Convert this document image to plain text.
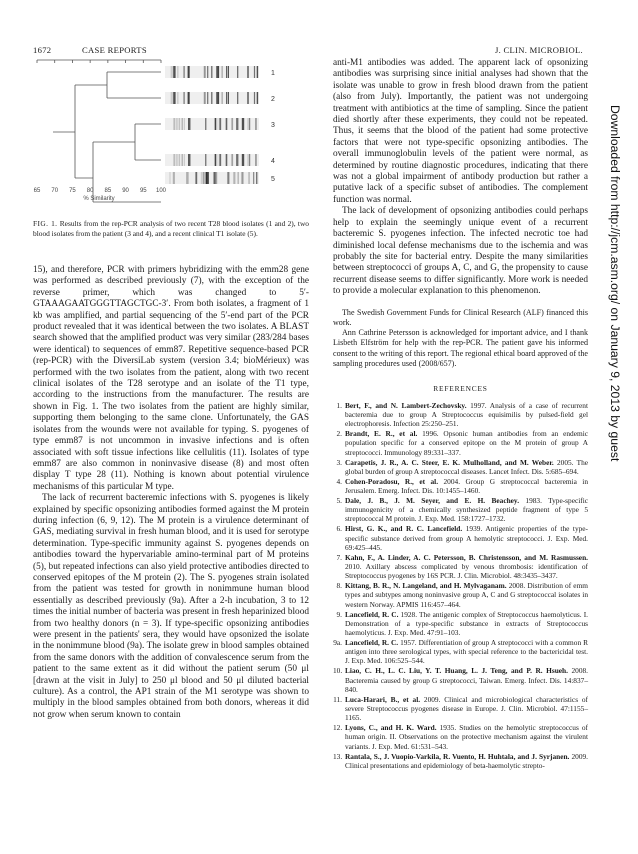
1672	CASE REPORTS	J. CLIN. MICROBIOL.
1
2
3
4
5
65 70 75 80 85 90 95 100
% Similarity
FIG. 1. Results from the rep-PCR analysis of two recent T28 blood isolates (1 and 2), two blood isolates from the patient (3 and 4), and a recent clinical T1 isolate (5).

15), and therefore, PCR with primers hybridizing with the emm28 gene was performed as described previously (7), with the exception of the reverse primer, which was changed to 5′-GTAAAGAATGGGTTAGCTGC-3′. From both isolates, a fragment of 1 kb was amplified, and partial sequencing of the 5′-end part of the PCR product revealed that it was identical between the two isolates. A BLAST search showed that the amplified product was very similar (283/284 bases were identical) to sequences of emm87. Repetitive sequence-based PCR (rep-PCR) with the DiversiLab system (version 3.4; bioMérieux) was performed with the two isolates from the patient, along with two recent clinical isolates of the T28 serotype and an isolate of the T1 type, according to the instructions from the manufacturer. The results are shown in Fig. 1. The two isolates from the patient are highly similar, supporting them belonging to the same clone. Unfortunately, the GAS isolates from the wounds were not available for typing. S. pyogenes of type emm87 is not uncommon in invasive infections and is often associated with soft tissue infections like cellulitis (11). Isolates of type emm87 are also common in noninvasive disease (8) and most often display T type 28 (11). Nothing is known about potential virulence mechanisms of this particular M type.

The lack of recurrent bacteremic infections with S. pyogenes is likely explained by specific opsonizing antibodies formed against the M protein during infection (6, 9, 12). The M protein is a virulence determinant of GAS, mediating survival in fresh human blood, and it is used for serotype determination. Type-specific immunity against S. pyogenes depends on antibodies toward the hypervariable amino-terminal part of M proteins (5), but repeated infections can also yield protective antibodies directed to conserved epitopes of the M protein (2). The S. pyogenes strain isolated from the patient was tested for growth in nonimmune human blood essentially as described previously (9a). After a 2-h incubation, 3 to 12 times the initial number of bacteria was present in fresh heparinized blood from two healthy donors (n = 3). If type-specific opsonizing antibodies were present in the patients' sera, they would have opsonized the isolate in the nonimmune blood (9a). The isolate grew in blood samples obtained from the same donors with the addition of convalescence serum from the patient to the same extent as it did without the patient serum (50 μl [drawn at the visit in July] to 250 μl blood and 50 μl diluted bacterial culture). As a control, the AP1 strain of the M1 serotype was shown to multiply in the blood samples obtained from both donors, whereas it did not grow when serum known to contain

anti-M1 antibodies was added. The apparent lack of opsonizing antibodies was surprising since initial analyses had shown that the isolate was unable to grow in fresh blood drawn from the patient (also from July). Importantly, the patient was not undergoing treatment with antibiotics at the time of sampling. Since the patient died shortly after these experiments, they could not be repeated. Thus, it seems that the blood of the patient had some protective factors that were not type-specific opsonizing antibodies. The overall immunoglobulin levels of the patient were normal, as determined by routine diagnostic procedures, indicating that there was not a global impairment of antibody production but rather a putative lack of a specific subset of antibodies. The complement function was normal.

The lack of development of opsonizing antibodies could perhaps help to explain the seemingly unique event of a recurrent bacteremic S. pyogenes infection. The infected necrotic toe had diminished local defense mechanisms due to the ischemia and was probably the site for bacterial entry. Despite the many similarities between streptococci of groups A, C, and G, the propensity to cause recurrent disease seems to differ significantly. More work is needed to provide a molecular explanation to this phenomenon.

The Swedish Government Funds for Clinical Research (ALF) financed this work.

Ann Cathrine Petersson is acknowledged for important advice, and I thank Lisbeth Elfström for help with the rep-PCR. The patient gave his informed consent to the writing of this report. The regional ethical board approved of the sampling procedures used (2008/657).

REFERENCES
1. Bert, F., and N. Lambert-Zechovsky. 1997. Analysis of a case of recurrent bacteremia due to group A Streptococcus equisimilis by pulsed-field gel electrophoresis. Infection 25:250–251.
2. Brandt, E. R., et al. 1996. Opsonic human antibodies from an endemic population specific for a conserved epitope on the M protein of group A streptococci. Immunology 89:331–337.
3. Carapetis, J. R., A. C. Steer, E. K. Mulholland, and M. Weber. 2005. The global burden of group A streptococcal diseases. Lancet Infect. Dis. 5:685–694.
4. Cohen-Poradosu, R., et al. 2004. Group G streptococcal bacteremia in Jerusalem. Emerg. Infect. Dis. 10:1455–1460.
5. Dale, J. B., J. M. Seyer, and E. H. Beachey. 1983. Type-specific immunogenicity of a chemically synthesized peptide fragment of type 5 streptococcal M protein. J. Exp. Med. 158:1727–1732.
6. Hirst, G. K., and R. C. Lancefield. 1939. Antigenic properties of the type-specific substance derived from group A hemolytic streptococci. J. Exp. Med. 69:425–445.
7. Kahn, F., A. Linder, A. C. Petersson, B. Christensson, and M. Rasmussen. 2010. Axillary abscess complicated by venous thrombosis: identification of Streptococcus pyogenes by 16S PCR. J. Clin. Microbiol. 48:3435–3437.
8. Kittang, B. R., N. Langeland, and H. Mylvaganam. 2008. Distribution of emm types and subtypes among noninvasive group A, C and G streptococcal isolates in western Norway. APMIS 116:457–464.
9. Lancefield, R. C. 1928. The antigenic complex of Streptococcus haemolyticus. I. Demonstration of a type-specific substance in extracts of Streptococcus haemolyticus. J. Exp. Med. 47:91–103.
9a. Lancefield, R. C. 1957. Differentiation of group A streptococci with a common R antigen into three serological types, with special reference to the bactericidal test. J. Exp. Med. 106:525–544.
10. Liao, C. H., L. C. Liu, Y. T. Huang, L. J. Teng, and P. R. Hsueh. 2008. Bacteremia caused by group G streptococci, Taiwan. Emerg. Infect. Dis. 14:837–840.
11. Luca-Harari, B., et al. 2009. Clinical and microbiological characteristics of severe Streptococcus pyogenes disease in Europe. J. Clin. Microbiol. 47:1155–1165.
12. Lyons, C., and H. K. Ward. 1935. Studies on the hemolytic streptococcus of human origin. II. Observations on the protective mechanism against the virulent variants. J. Exp. Med. 61:531–543.
13. Rantala, S., J. Vuopio-Varkila, R. Vuento, H. Huhtala, and J. Syrjanen. 2009. Clinical presentations and epidemiology of beta-haemolytic strepto-
Downloaded from http://jcm.asm.org/ on January 9, 2013 by guest
